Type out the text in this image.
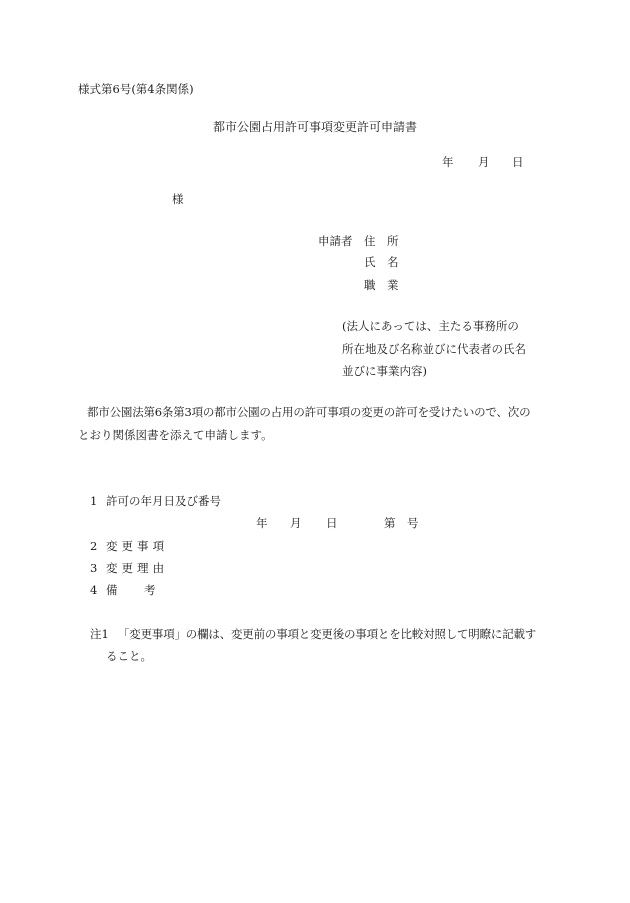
様式第6号(第4条関係)
都市公園占用許可事項変更許可申請書
年 月 日
様
申請者 住　所
氏　名
職　業
(法人にあっては、主たる事務所の
所在地及び名称並びに代表者の氏名
並びに事業内容)
都市公園法第6条第3項の都市公園の占用の許可事項の変更の許可を受けたいので、次の
とおり関係図書を添えて申請します。
1 許可の年月日及び番号
年 月 日	第　号
2 変更事項
3 変更理由
4 備　　考
注1 「変更事項」の欄は、変更前の事項と変更後の事項とを比較対照して明瞭に記載す
ること。
